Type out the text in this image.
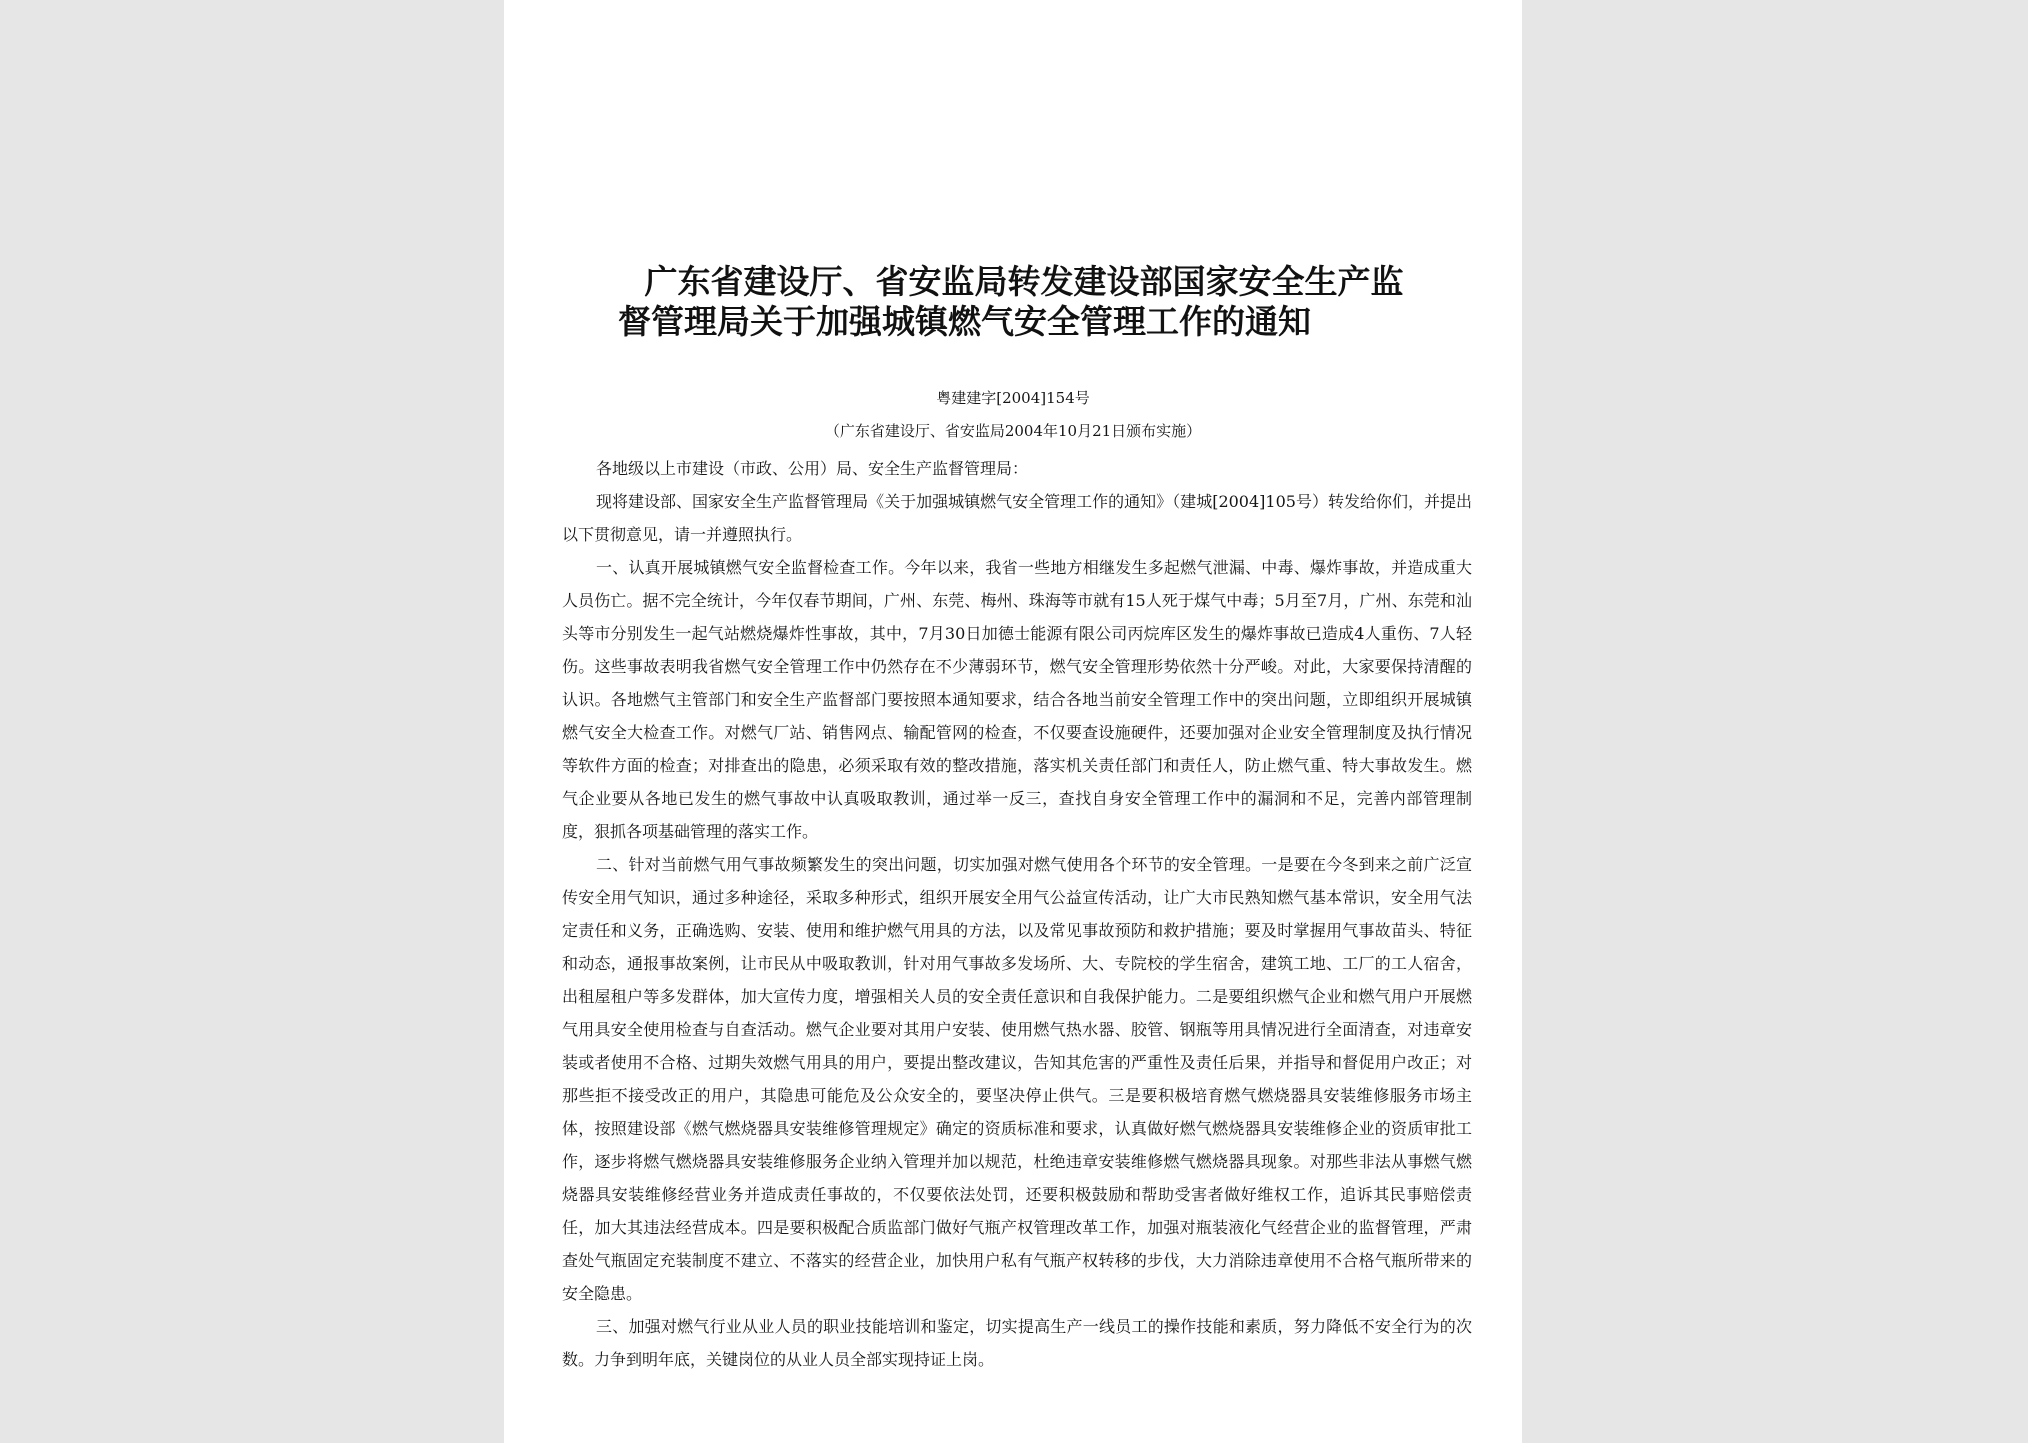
广东省建设厅、省安监局转发建设部国家安全生产监
督管理局关于加强城镇燃气安全管理工作的通知
粤建建字[2004]154号
（广东省建设厅、省安监局2004年10月21日颁布实施）

各地级以上市建设（市政、公用）局、安全生产监督管理局：

现将建设部、国家安全生产监督管理局《关于加强城镇燃气安全管理工作的通知》（建城[2004]105号）转发给你们，并提出以下贯彻意见，请一并遵照执行。

一、认真开展城镇燃气安全监督检查工作。今年以来，我省一些地方相继发生多起燃气泄漏、中毒、爆炸事故，并造成重大人员伤亡。据不完全统计，今年仅春节期间，广州、东莞、梅州、珠海等市就有15人死于煤气中毒；5月至7月，广州、东莞和汕头等市分别发生一起气站燃烧爆炸性事故，其中，7月30日加德士能源有限公司丙烷库区发生的爆炸事故已造成4人重伤、7人轻伤。这些事故表明我省燃气安全管理工作中仍然存在不少薄弱环节，燃气安全管理形势依然十分严峻。对此，大家要保持清醒的认识。各地燃气主管部门和安全生产监督部门要按照本通知要求，结合各地当前安全管理工作中的突出问题，立即组织开展城镇燃气安全大检查工作。对燃气厂站、销售网点、输配管网的检查，不仅要查设施硬件，还要加强对企业安全管理制度及执行情况等软件方面的检查；对排查出的隐患，必须采取有效的整改措施，落实机关责任部门和责任人，防止燃气重、特大事故发生。燃气企业要从各地已发生的燃气事故中认真吸取教训，通过举一反三，查找自身安全管理工作中的漏洞和不足，完善内部管理制度，狠抓各项基础管理的落实工作。

二、针对当前燃气用气事故频繁发生的突出问题，切实加强对燃气使用各个环节的安全管理。一是要在今冬到来之前广泛宣传安全用气知识，通过多种途径，采取多种形式，组织开展安全用气公益宣传活动，让广大市民熟知燃气基本常识，安全用气法定责任和义务，正确选购、安装、使用和维护燃气用具的方法，以及常见事故预防和救护措施；要及时掌握用气事故苗头、特征和动态，通报事故案例，让市民从中吸取教训，针对用气事故多发场所、大、专院校的学生宿舍，建筑工地、工厂的工人宿舍，出租屋租户等多发群体，加大宣传力度，增强相关人员的安全责任意识和自我保护能力。二是要组织燃气企业和燃气用户开展燃气用具安全使用检查与自查活动。燃气企业要对其用户安装、使用燃气热水器、胶管、钢瓶等用具情况进行全面清查，对违章安装或者使用不合格、过期失效燃气用具的用户，要提出整改建议，告知其危害的严重性及责任后果，并指导和督促用户改正；对那些拒不接受改正的用户，其隐患可能危及公众安全的，要坚决停止供气。三是要积极培育燃气燃烧器具安装维修服务市场主体，按照建设部《燃气燃烧器具安装维修管理规定》确定的资质标准和要求，认真做好燃气燃烧器具安装维修企业的资质审批工作，逐步将燃气燃烧器具安装维修服务企业纳入管理并加以规范，杜绝违章安装维修燃气燃烧器具现象。对那些非法从事燃气燃烧器具安装维修经营业务并造成责任事故的，不仅要依法处罚，还要积极鼓励和帮助受害者做好维权工作，追诉其民事赔偿责任，加大其违法经营成本。四是要积极配合质监部门做好气瓶产权管理改革工作，加强对瓶装液化气经营企业的监督管理，严肃查处气瓶固定充装制度不建立、不落实的经营企业，加快用户私有气瓶产权转移的步伐，大力消除违章使用不合格气瓶所带来的安全隐患。

三、加强对燃气行业从业人员的职业技能培训和鉴定，切实提高生产一线员工的操作技能和素质，努力降低不安全行为的次数。力争到明年底，关键岗位的从业人员全部实现持证上岗。
